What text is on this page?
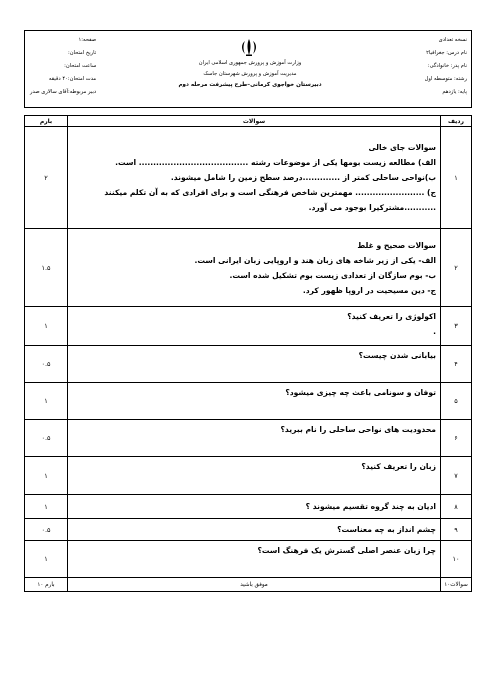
نسخه تعدادی
نام درس: جغرافیا۲
نام پدر: خانوادگی:
رشته: متوسطه اول
پایه: یازدهم
وزارت آموزش و پرورش جمهوری اسلامی ایران
مدیریت آموزش و پرورش شهرستان جاسک
دبیرستان خواجوی کرمانی–طرح پیشرفت مرحله دوم
صفحه:۱
تاریخ امتحان:
ساعت امتحان:
مدت امتحان:۴۰ دقیقه
دبیر مربوطه:آقای سالاری صدر
ردیف	سوالات	بارم
۱	سوالات جای خالی
الف) مطالعه زیست بومها یکی از موضوعات رشته ...................................... است.
ب)نواحی ساحلی کمتر از .............درصد سطح زمین را شامل میشوند.
ج) ........................ مهمترین شاخص فرهنگی است و برای افرادی که به آن تکلم میکنند
...........مشترکیرا بوجود می آورد.	۲
۲	سوالات صحیح و غلط
الف- یکی از زیر شاخه های زبان هند و اروپایی زبان ایرانی است.
ب- بوم سازگان از تعدادی زیست بوم تشکیل شده است.
ج- دین مسیحیت در اروپا ظهور کرد.	۱.۵
۳	اکولوژی را تعریف کنید؟
.	۱
۴	بیابانی شدن چیست؟	۰.۵
۵	توفان و سونامی باعث چه چیزی میشود؟	۱
۶	محدودیت های نواحی ساحلی را نام ببرید؟	۰.۵
۷	زبان را تعریف کنید؟	۱
۸	ادیان به چند گروه تقسیم میشوند ؟	۱
۹	چشم انداز به چه معناست؟	۰.۵
۱۰	چرا زبان عنصر اصلی گسترش یک فرهنگ است؟	۱
سوالات۱۰	موفق باشید	بارم ۱۰
